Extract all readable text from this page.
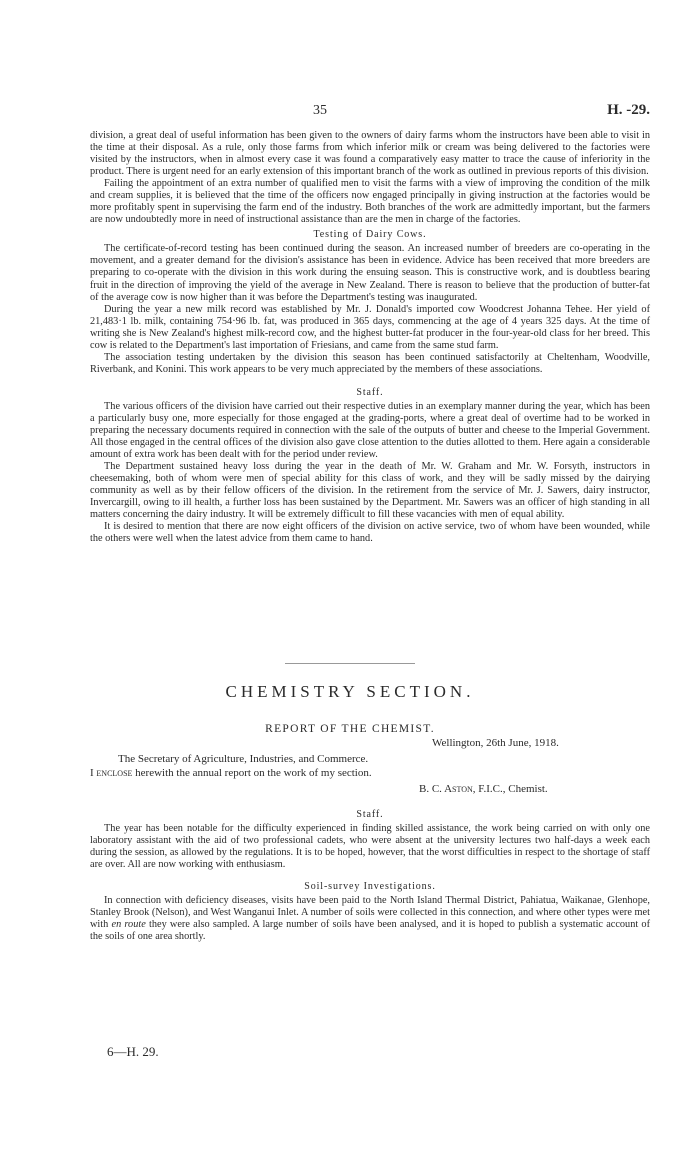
35	H. -29.

division, a great deal of useful information has been given to the owners of dairy farms whom the instructors have been able to visit in the time at their disposal. As a rule, only those farms from which inferior milk or cream was being delivered to the factories were visited by the instructors, when in almost every case it was found a comparatively easy matter to trace the cause of inferiority in the product. There is urgent need for an early extension of this important branch of the work as outlined in previous reports of this division.

Failing the appointment of an extra number of qualified men to visit the farms with a view of improving the condition of the milk and cream supplies, it is believed that the time of the officers now engaged principally in giving instruction at the factories would be more profitably spent in supervising the farm end of the industry. Both branches of the work are admittedly important, but the farmers are now undoubtedly more in need of instructional assistance than are the men in charge of the factories.

Testing of Dairy Cows.

The certificate-of-record testing has been continued during the season. An increased number of breeders are co-operating in the movement, and a greater demand for the division's assistance has been in evidence. Advice has been received that more breeders are preparing to co-operate with the division in this work during the ensuing season. This is constructive work, and is doubtless bearing fruit in the direction of improving the yield of the average in New Zealand. There is reason to believe that the production of butter-fat of the average cow is now higher than it was before the Department's testing was inaugurated.

During the year a new milk record was established by Mr. J. Donald's imported cow Woodcrest Johanna Tehee. Her yield of 21,483·1 lb. milk, containing 754·96 lb. fat, was produced in 365 days, commencing at the age of 4 years 325 days. At the time of writing she is New Zealand's highest milk-record cow, and the highest butter-fat producer in the four-year-old class for her breed. This cow is related to the Department's last importation of Friesians, and came from the same stud farm.

The association testing undertaken by the division this season has been continued satisfactorily at Cheltenham, Woodville, Riverbank, and Konini. This work appears to be very much appreciated by the members of these associations.

Staff.

The various officers of the division have carried out their respective duties in an exemplary manner during the year, which has been a particularly busy one, more especially for those engaged at the grading-ports, where a great deal of overtime had to be worked in preparing the necessary documents required in connection with the sale of the outputs of butter and cheese to the Imperial Government. All those engaged in the central offices of the division also gave close attention to the duties allotted to them. Here again a considerable amount of extra work has been dealt with for the period under review.

The Department sustained heavy loss during the year in the death of Mr. W. Graham and Mr. W. Forsyth, instructors in cheesemaking, both of whom were men of special ability for this class of work, and they will be sadly missed by the dairying community as well as by their fellow officers of the division. In the retirement from the service of Mr. J. Sawers, dairy instructor, Invercargill, owing to ill health, a further loss has been sustained by the Department. Mr. Sawers was an officer of high standing in all matters concerning the dairy industry. It will be extremely difficult to fill these vacancies with men of equal ability.

It is desired to mention that there are now eight officers of the division on active service, two of whom have been wounded, while the others were well when the latest advice from them came to hand.

CHEMISTRY SECTION.
REPORT OF THE CHEMIST.
Wellington, 26th June, 1918.
The Secretary of Agriculture, Industries, and Commerce.
I enclose herewith the annual report on the work of my section.
B. C. Aston, F.I.C., Chemist.
Staff.

The year has been notable for the difficulty experienced in finding skilled assistance, the work being carried on with only one laboratory assistant with the aid of two professional cadets, who were absent at the university lectures two half-days a week each during the session, as allowed by the regulations. It is to be hoped, however, that the worst difficulties in respect to the shortage of staff are over. All are now working with enthusiasm.

Soil-survey Investigations.

In connection with deficiency diseases, visits have been paid to the North Island Thermal District, Pahiatua, Waikanae, Glenhope, Stanley Brook (Nelson), and West Wanganui Inlet. A number of soils were collected in this connection, and where other types were met with en route they were also sampled. A large number of soils have been analysed, and it is hoped to publish a systematic account of the soils of one area shortly.

6—H. 29.
